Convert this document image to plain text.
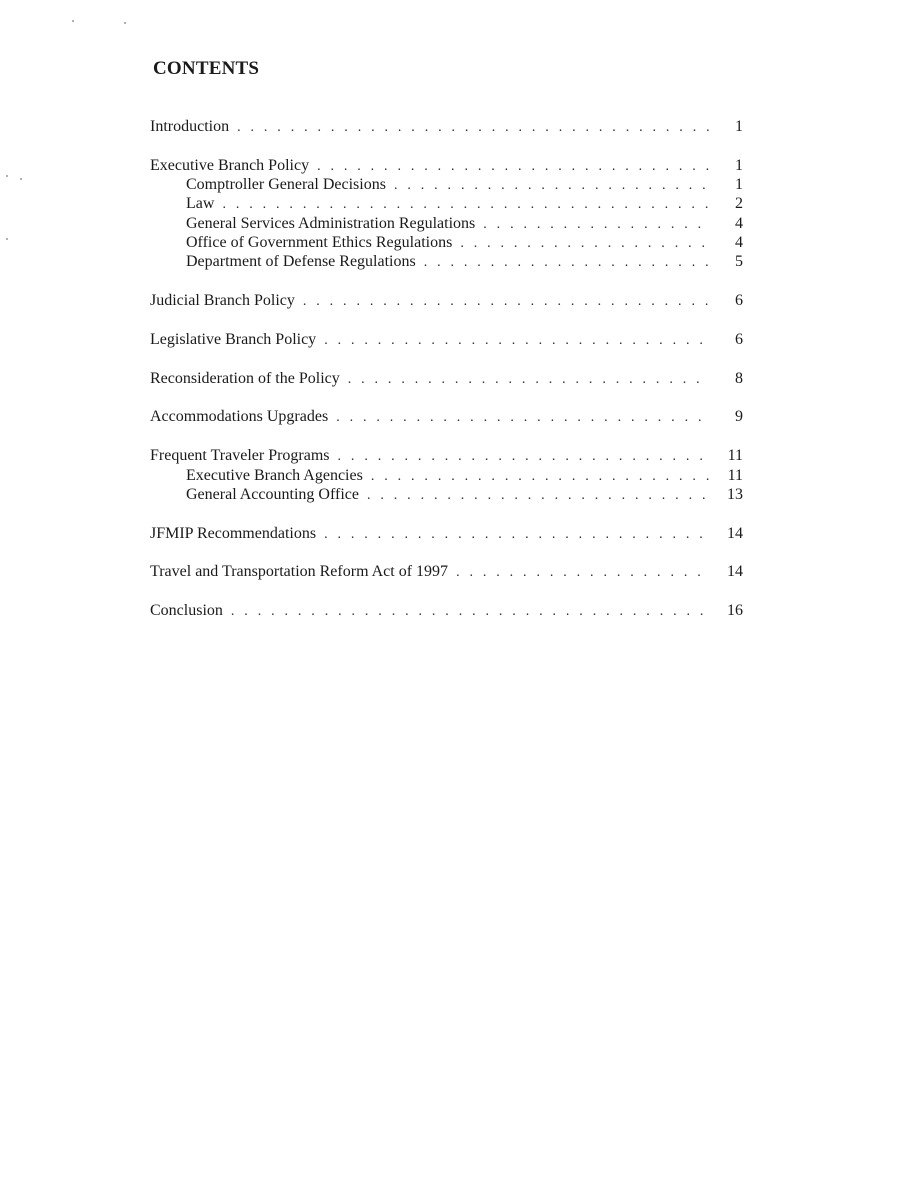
CONTENTS
Introduction . . .	1
Executive Branch Policy . . .	1
Comptroller General Decisions . . .	1
Law . . .	2
General Services Administration Regulations . . .	4
Office of Government Ethics Regulations . . .	4
Department of Defense Regulations . . .	5
Judicial Branch Policy . . .	6
Legislative Branch Policy . . .	6
Reconsideration of the Policy . . .	8
Accommodations Upgrades . . .	9
Frequent Traveler Programs . . .	11
Executive Branch Agencies . . .	11
General Accounting Office . . .	13
JFMIP Recommendations . . .	14
Travel and Transportation Reform Act of 1997 . . .	14
Conclusion . . .	16
